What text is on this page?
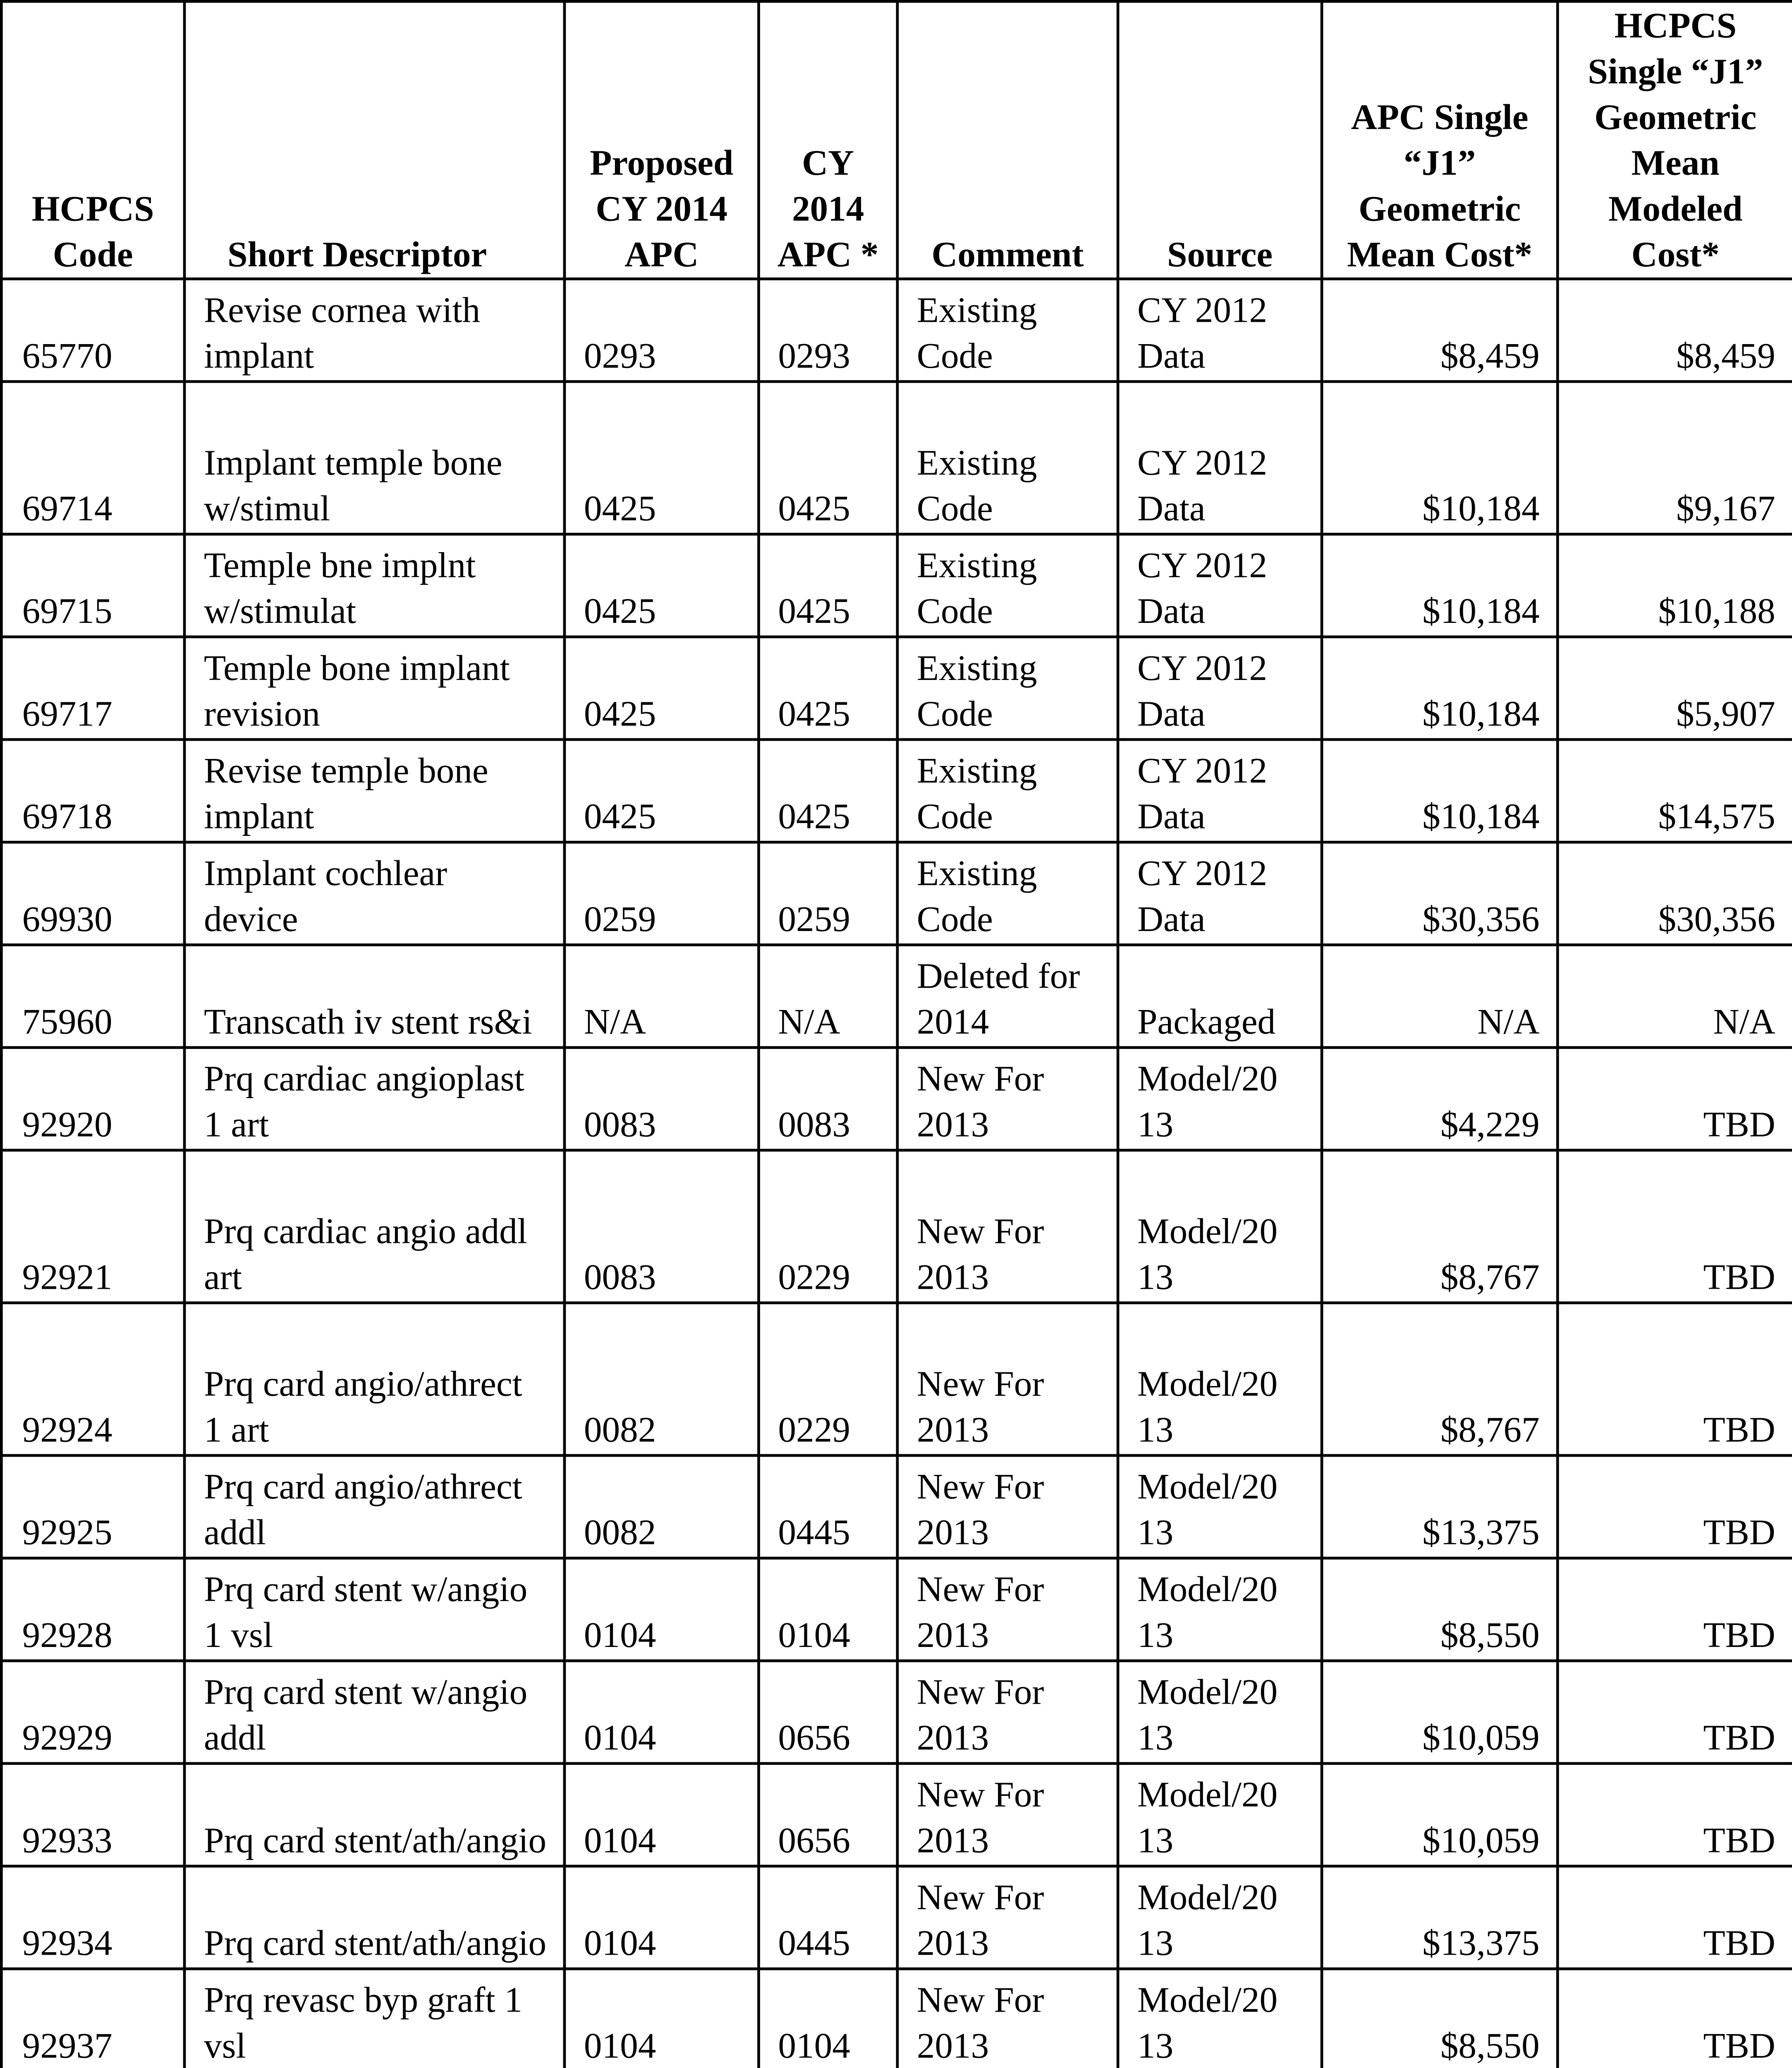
HCPCS Code	Short Descriptor	Proposed CY 2014 APC	CY 2014 APC *	Comment	Source	APC Single “J1” Geometric Mean Cost*	HCPCS Single “J1” Geometric Mean Modeled Cost*
65770	Revise cornea with implant	0293	0293	Existing Code	CY 2012 Data	$8,459	$8,459
69714	Implant temple bone w/stimul	0425	0425	Existing Code	CY 2012 Data	$10,184	$9,167
69715	Temple bne implnt w/stimulat	0425	0425	Existing Code	CY 2012 Data	$10,184	$10,188
69717	Temple bone implant revision	0425	0425	Existing Code	CY 2012 Data	$10,184	$5,907
69718	Revise temple bone implant	0425	0425	Existing Code	CY 2012 Data	$10,184	$14,575
69930	Implant cochlear device	0259	0259	Existing Code	CY 2012 Data	$30,356	$30,356
75960	Transcath iv stent rs&i	N/A	N/A	Deleted for 2014	Packaged	N/A	N/A
92920	Prq cardiac angioplast 1 art	0083	0083	New For 2013	Model/20 13	$4,229	TBD
92921	Prq cardiac angio addl art	0083	0229	New For 2013	Model/20 13	$8,767	TBD
92924	Prq card angio/athrect 1 art	0082	0229	New For 2013	Model/20 13	$8,767	TBD
92925	Prq card angio/athrect addl	0082	0445	New For 2013	Model/20 13	$13,375	TBD
92928	Prq card stent w/angio 1 vsl	0104	0104	New For 2013	Model/20 13	$8,550	TBD
92929	Prq card stent w/angio addl	0104	0656	New For 2013	Model/20 13	$10,059	TBD
92933	Prq card stent/ath/angio	0104	0656	New For 2013	Model/20 13	$10,059	TBD
92934	Prq card stent/ath/angio	0104	0445	New For 2013	Model/20 13	$13,375	TBD
92937	Prq revasc byp graft 1 vsl	0104	0104	New For 2013	Model/20 13	$8,550	TBD
